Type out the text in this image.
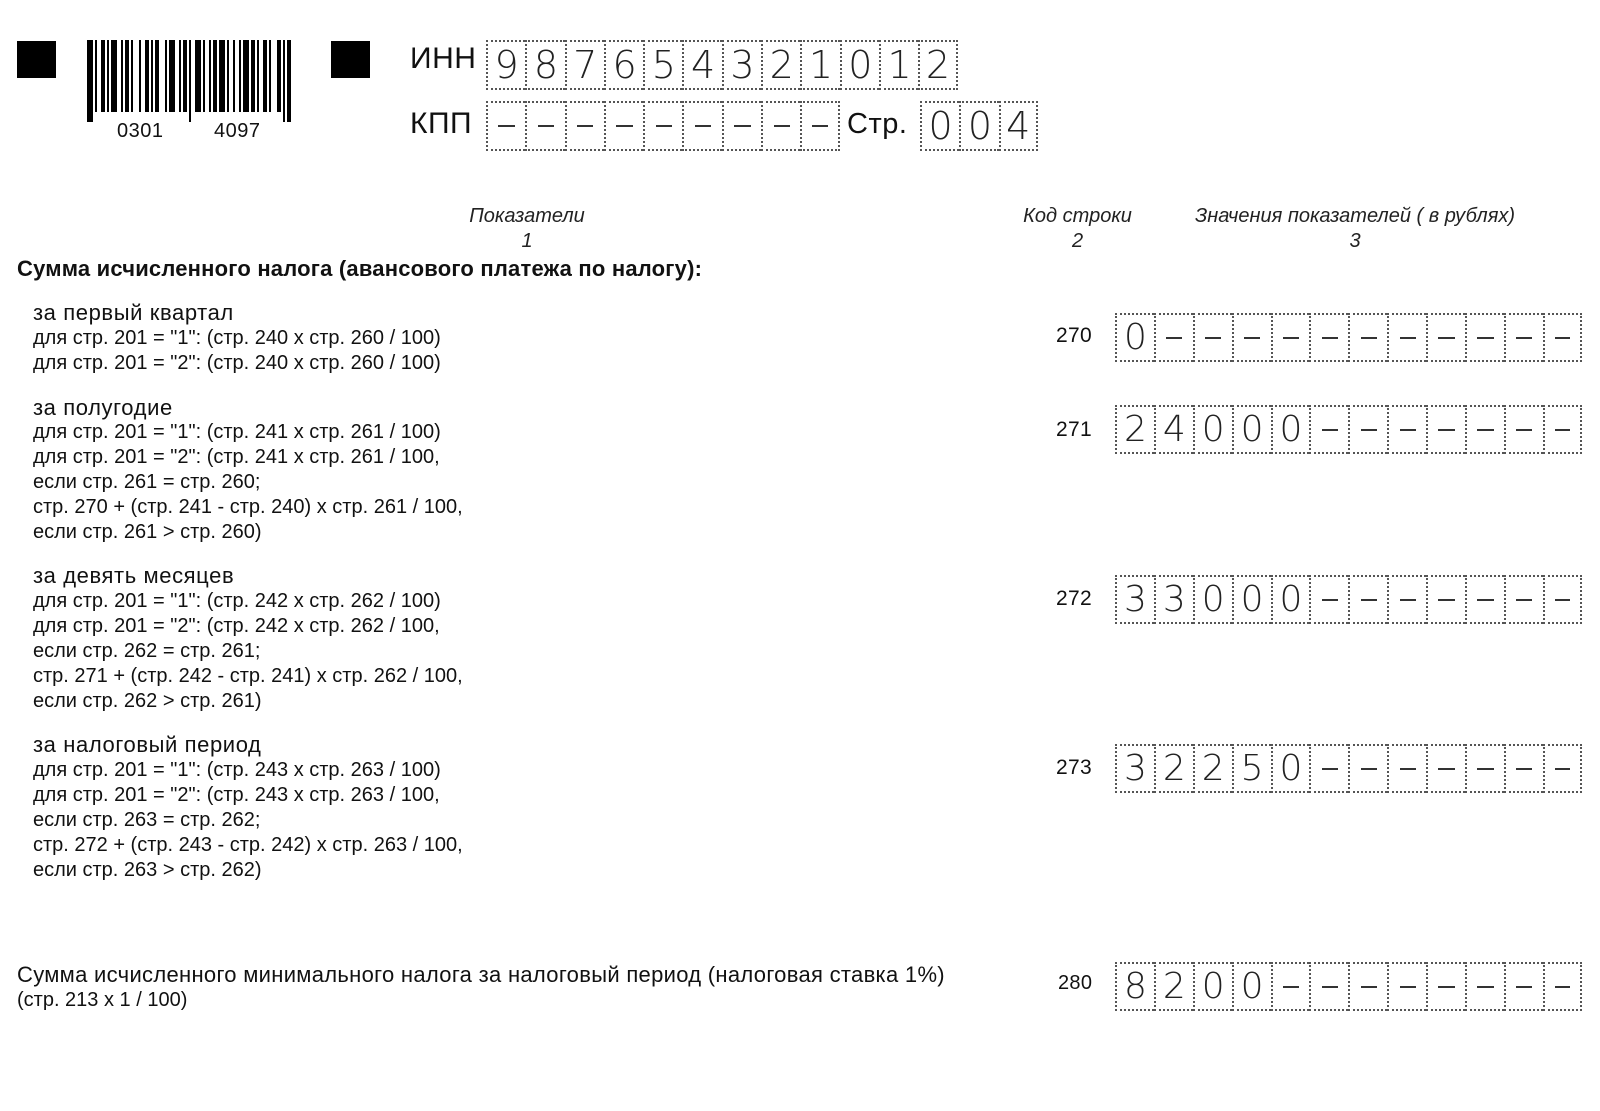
0301	4097
ИНН 9 8 7 6 5 4 3 2 1 0 1 2
КПП	Стр. 0 0 4
Показатели
1
Код строки
2
Значения показателей ( в рублях)
3
Сумма исчисленного налога (авансового платежа по налогу):
за первый квартал
для стр. 201 = "1": (стр. 240 x стр. 260 / 100)
для стр. 201 = "2": (стр. 240 x стр. 260 / 100)
270 0
за полугодие
для стр. 201 = "1": (стр. 241 x стр. 261 / 100)
для стр. 201 = "2": (стр. 241 x стр. 261 / 100,
если стр. 261 = стр. 260;
стр. 270 + (стр. 241 - стр. 240) x стр. 261 / 100,
если стр. 261 > стр. 260)
271 2 4 0 0 0
за девять месяцев
для стр. 201 = "1": (стр. 242 x стр. 262 / 100)
для стр. 201 = "2": (стр. 242 x стр. 262 / 100,
если стр. 262 = стр. 261;
стр. 271 + (стр. 242 - стр. 241) x стр. 262 / 100,
если стр. 262 > стр. 261)
272 3 3 0 0 0
за налоговый период
для стр. 201 = "1": (стр. 243 x стр. 263 / 100)
для стр. 201 = "2": (стр. 243 x стр. 263 / 100,
если стр. 263 = стр. 262;
стр. 272 + (стр. 243 - стр. 242) x стр. 263 / 100,
если стр. 263 > стр. 262)
273 3 2 2 5 0
Сумма исчисленного минимального налога за налоговый период (налоговая ставка 1%)
(стр. 213 x 1 / 100)
280 8 2 0 0
